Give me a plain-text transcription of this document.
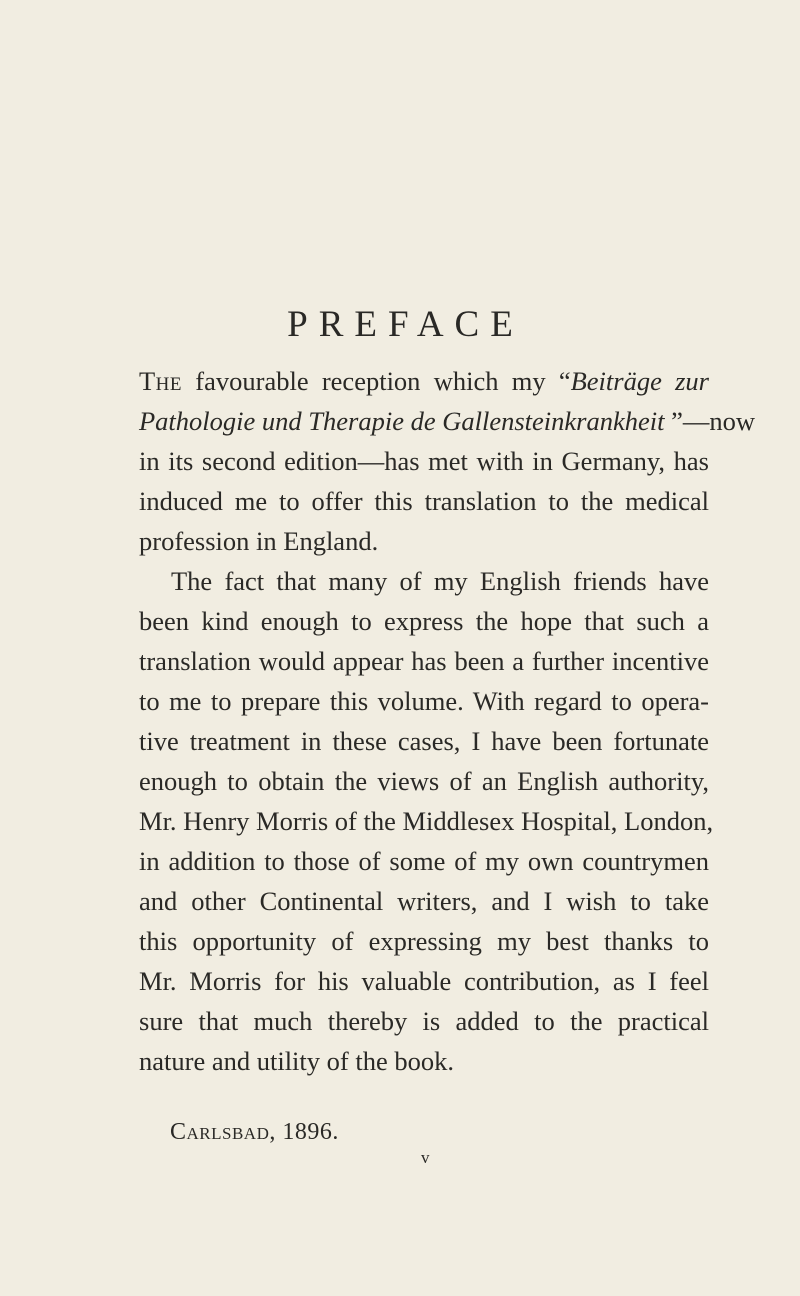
PREFACE
The favourable reception which my “Beiträge zur
Pathologie und Therapie de Gallensteinkrankheit ”—now
in its second edition—has met with in Germany, has
induced me to offer this translation to the medical
profession in England.
The fact that many of my English friends have
been kind enough to express the hope that such a
translation would appear has been a further incentive
to me to prepare this volume. With regard to opera-
tive treatment in these cases, I have been fortunate
enough to obtain the views of an English authority,
Mr. Henry Morris of the Middlesex Hospital, London,
in addition to those of some of my own countrymen
and other Continental writers, and I wish to take
this opportunity of expressing my best thanks to
Mr. Morris for his valuable contribution, as I feel
sure that much thereby is added to the practical
nature and utility of the book.
Carlsbad, 1896.
v
